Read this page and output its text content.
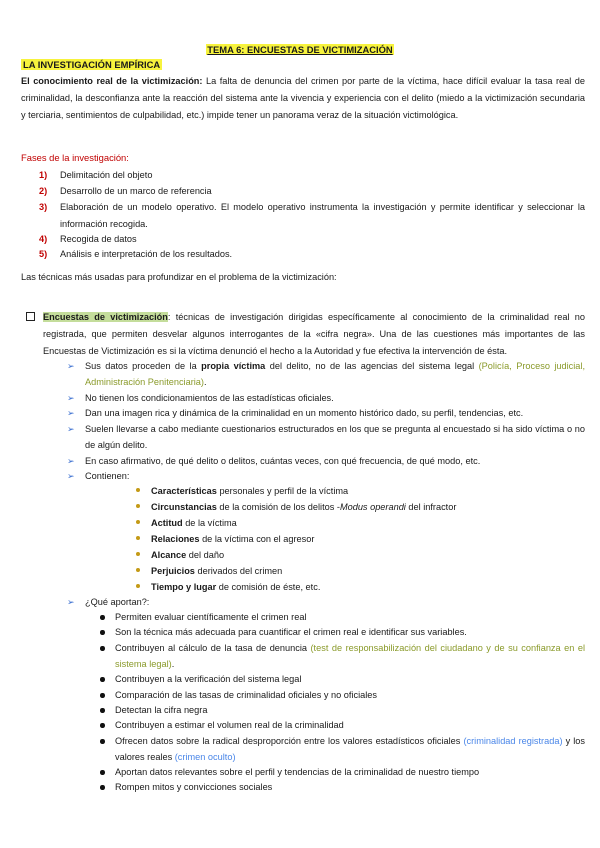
TEMA 6: ENCUESTAS DE VICTIMIZACIÓN
LA INVESTIGACIÓN EMPÍRICA
El conocimiento real de la victimización: La falta de denuncia del crimen por parte de la víctima, hace difícil evaluar la tasa real de criminalidad, la desconfianza ante la reacción del sistema ante la vivencia y experiencia con el delito (miedo a la victimización secundaria y terciaria, sentimientos de culpabilidad, etc.) impide tener un panorama veraz de la situación victimológica.
Fases de la investigación:
1) Delimitación del objeto
2) Desarrollo de un marco de referencia
3) Elaboración de un modelo operativo. El modelo operativo instrumenta la investigación y permite identificar y seleccionar la información recogida.
4) Recogida de datos
5) Análisis e interpretación de los resultados.
Las técnicas más usadas para profundizar en el problema de la victimización:
Encuestas de victimización: técnicas de investigación dirigidas específicamente al conocimiento de la criminalidad real no registrada, que permiten desvelar algunos interrogantes de la «cifra negra». Una de las cuestiones más importantes de las Encuestas de Victimización es si la víctima denunció el hecho a la Autoridad y fue efectiva la intervención de ésta.
➢ Sus datos proceden de la propia víctima del delito, no de las agencias del sistema legal (Policía, Proceso judicial, Administración Penitenciaria).
➢ No tienen los condicionamientos de las estadísticas oficiales.
➢ Dan una imagen rica y dinámica de la criminalidad en un momento histórico dado, su perfil, tendencias, etc.
➢ Suelen llevarse a cabo mediante cuestionarios estructurados en los que se pregunta al encuestado si ha sido víctima o no de algún delito.
➢ En caso afirmativo, de qué delito o delitos, cuántas veces, con qué frecuencia, de qué modo, etc.
➢ Contienen:
Características personales y perfil de la víctima
Circunstancias de la comisión de los delitos -Modus operandi del infractor
Actitud de la víctima
Relaciones de la víctima con el agresor
Alcance del daño
Perjuicios derivados del crimen
Tiempo y lugar de comisión de éste, etc.
➢ ¿Qué aportan?:
Permiten evaluar científicamente el crimen real
Son la técnica más adecuada para cuantificar el crimen real e identificar sus variables.
Contribuyen al cálculo de la tasa de denuncia (test de responsabilización del ciudadano y de su confianza en el sistema legal).
Contribuyen a la verificación del sistema legal
Comparación de las tasas de criminalidad oficiales y no oficiales
Detectan la cifra negra
Contribuyen a estimar el volumen real de la criminalidad
Ofrecen datos sobre la radical desproporción entre los valores estadísticos oficiales (criminalidad registrada) y los valores reales (crimen oculto)
Aportan datos relevantes sobre el perfil y tendencias de la criminalidad de nuestro tiempo
Rompen mitos y convicciones sociales
